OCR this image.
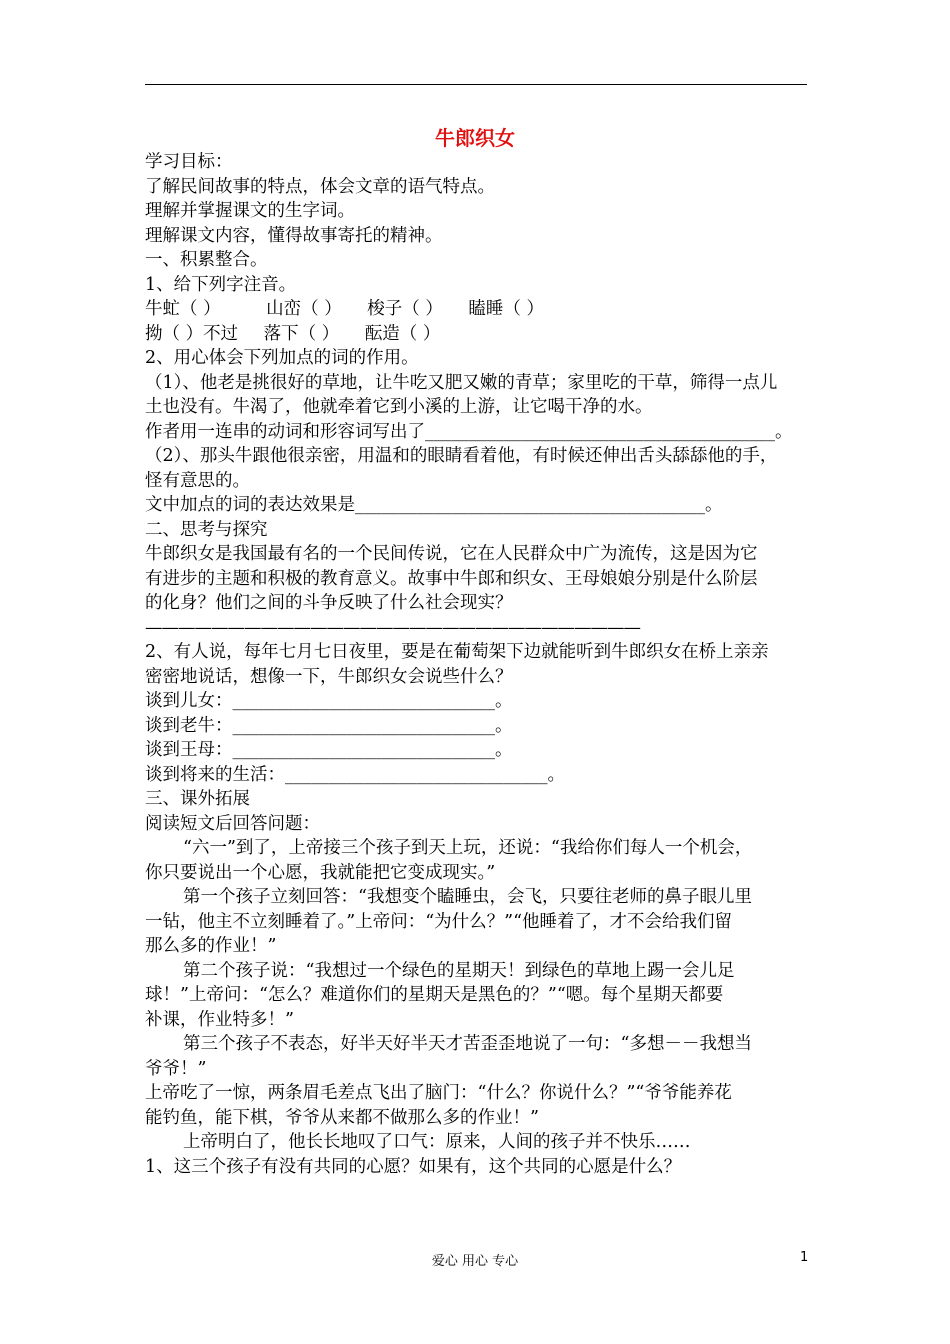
牛郎织女
学习目标：
了解民间故事的特点，体会文章的语气特点。
理解并掌握课文的生字词。
理解课文内容，懂得故事寄托的精神。
一、积累整合。
1、给下列字注音。
牛虻（ ）	山峦（ ） 梭子（ ） 瞌睡（ ）
拗（ ）不过 落下（ ） 酝造（ ）
2、用心体会下列加点的词的作用。
（1）、他老是挑很好的草地，让牛吃又肥又嫩的青草；家里吃的干草，筛得一点儿
土也没有。牛渴了，他就牵着它到小溪的上游，让它喝干净的水。
作者用一连串的动词和形容词写出了________________________________________。
（2）、那头牛跟他很亲密，用温和的眼睛看着他，有时候还伸出舌头舔舔他的手，
怪有意思的。
文中加点的词的表达效果是________________________________________。
二、思考与探究
牛郎织女是我国最有名的一个民间传说，它在人民群众中广为流传，这是因为它
有进步的主题和积极的教育意义。故事中牛郎和织女、王母娘娘分别是什么阶层
的化身？他们之间的斗争反映了什么社会现实？
——————————————————————————————
2、有人说，每年七月七日夜里，要是在葡萄架下边就能听到牛郎织女在桥上亲亲
密密地说话，想像一下，牛郎织女会说些什么？
谈到儿女：______________________________。
谈到老牛：______________________________。
谈到王母：______________________________。
谈到将来的生活：______________________________。
三、课外拓展
阅读短文后回答问题：
“六一”到了，上帝接三个孩子到天上玩，还说：“我给你们每人一个机会，
你只要说出一个心愿，我就能把它变成现实。”
第一个孩子立刻回答：“我想变个瞌睡虫，会飞，只要往老师的鼻子眼儿里
一钻，他主不立刻睡着了。”上帝问：“为什么？”“他睡着了，才不会给我们留
那么多的作业！”
第二个孩子说：“我想过一个绿色的星期天！到绿色的草地上踢一会儿足
球！”上帝问：“怎么？难道你们的星期天是黑色的？”“嗯。每个星期天都要
补课，作业特多！”
第三个孩子不表态，好半天好半天才苦歪歪地说了一句：“多想－－我想当
爷爷！”
上帝吃了一惊，两条眉毛差点飞出了脑门：“什么？你说什么？”“爷爷能养花
能钓鱼，能下棋，爷爷从来都不做那么多的作业！”
上帝明白了，他长长地叹了口气：原来，人间的孩子并不快乐……
1、这三个孩子有没有共同的心愿？如果有，这个共同的心愿是什么？
爱心 用心 专心	1
